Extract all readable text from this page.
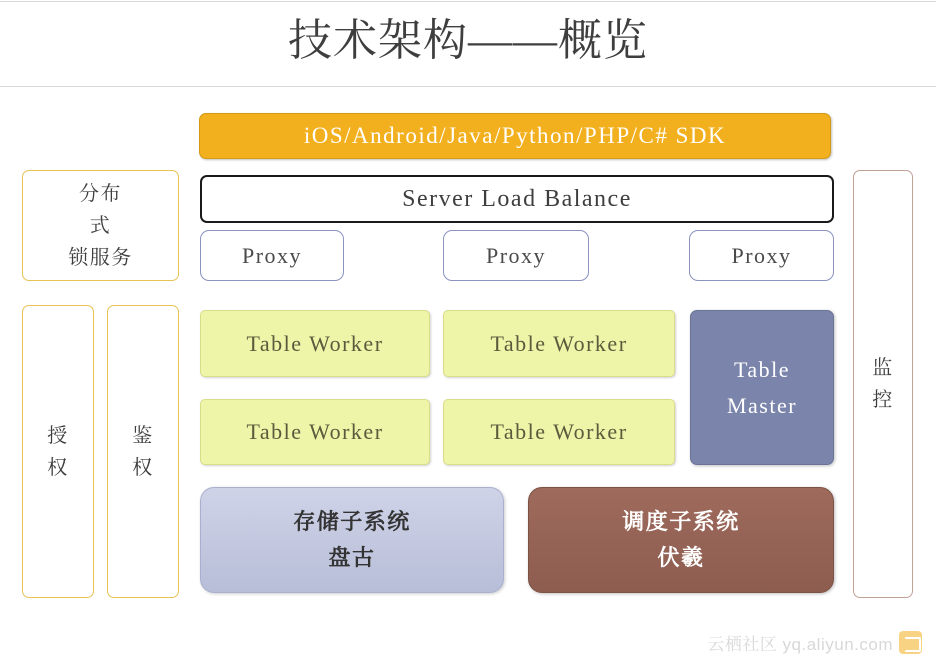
技术架构——概览
iOS/Android/Java/Python/PHP/C# SDK
Server Load Balance
Proxy	Proxy	Proxy
分布
式
锁服务
授
权
鉴
权
Table Worker	Table Worker
Table Worker	Table Worker
Table
Master
存储子系统
盘古
调度子系统
伏羲
监
控
云栖社区 yq.aliyun.com
